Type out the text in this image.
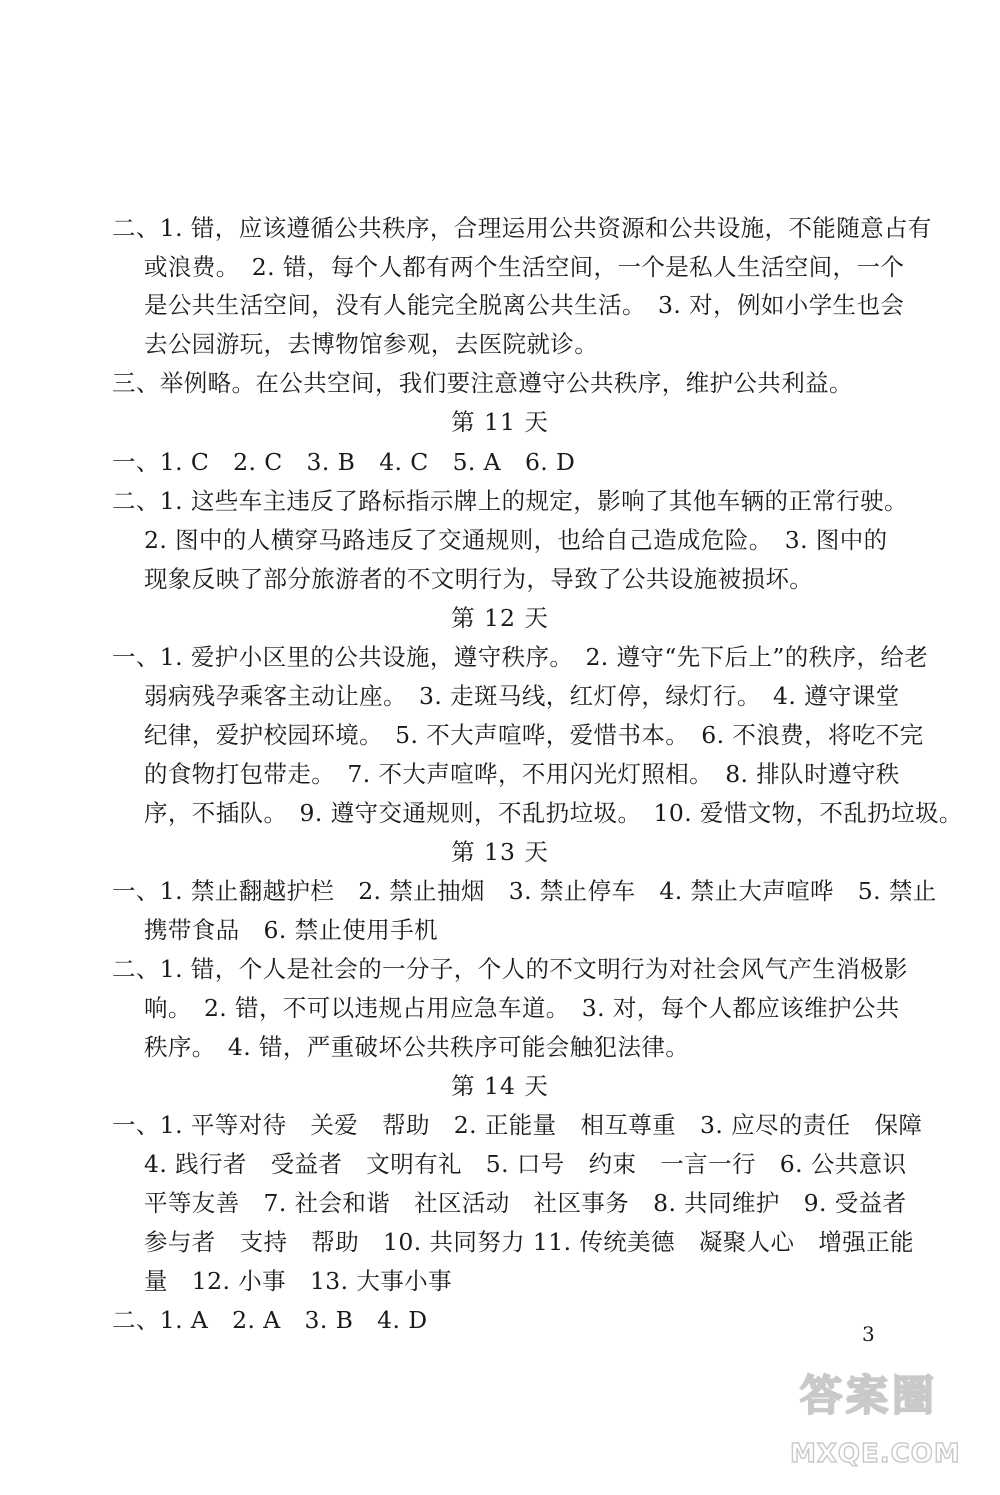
二、1. 错，应该遵循公共秩序，合理运用公共资源和公共设施，不能随意占有
或浪费。　2. 错，每个人都有两个生活空间，一个是私人生活空间，一个
是公共生活空间，没有人能完全脱离公共生活。　3. 对，例如小学生也会
去公园游玩，去博物馆参观，去医院就诊。
三、举例略。在公共空间，我们要注意遵守公共秩序，维护公共利益。
第 11 天
一、1. C　2. C　3. B　4. C　5. A　6. D
二、1. 这些车主违反了路标指示牌上的规定，影响了其他车辆的正常行驶。
2. 图中的人横穿马路违反了交通规则，也给自己造成危险。　3. 图中的
现象反映了部分旅游者的不文明行为，导致了公共设施被损坏。
第 12 天
一、1. 爱护小区里的公共设施，遵守秩序。　2. 遵守“先下后上”的秩序，给老
弱病残孕乘客主动让座。　3. 走斑马线，红灯停，绿灯行。　4. 遵守课堂
纪律，爱护校园环境。　5. 不大声喧哗，爱惜书本。　6. 不浪费，将吃不完
的食物打包带走。　7. 不大声喧哗，不用闪光灯照相。　8. 排队时遵守秩
序，不插队。　9. 遵守交通规则，不乱扔垃圾。　10. 爱惜文物，不乱扔垃圾。
第 13 天
一、1. 禁止翻越护栏　2. 禁止抽烟　3. 禁止停车　4. 禁止大声喧哗　5. 禁止
携带食品　6. 禁止使用手机
二、1. 错，个人是社会的一分子，个人的不文明行为对社会风气产生消极影
响。　2. 错，不可以违规占用应急车道。　3. 对，每个人都应该维护公共
秩序。　4. 错，严重破坏公共秩序可能会触犯法律。
第 14 天
一、1. 平等对待　关爱　帮助　2. 正能量　相互尊重　3. 应尽的责任　保障
4. 践行者　受益者　文明有礼　5. 口号　约束　一言一行　6. 公共意识
平等友善　7. 社会和谐　社区活动　社区事务　8. 共同维护　9. 受益者
参与者　支持　帮助　10. 共同努力 11. 传统美德　凝聚人心　增强正能
量　12. 小事　13. 大事小事
二、1. A　2. A　3. B　4. D	3
答案圈
MXQE.COM
